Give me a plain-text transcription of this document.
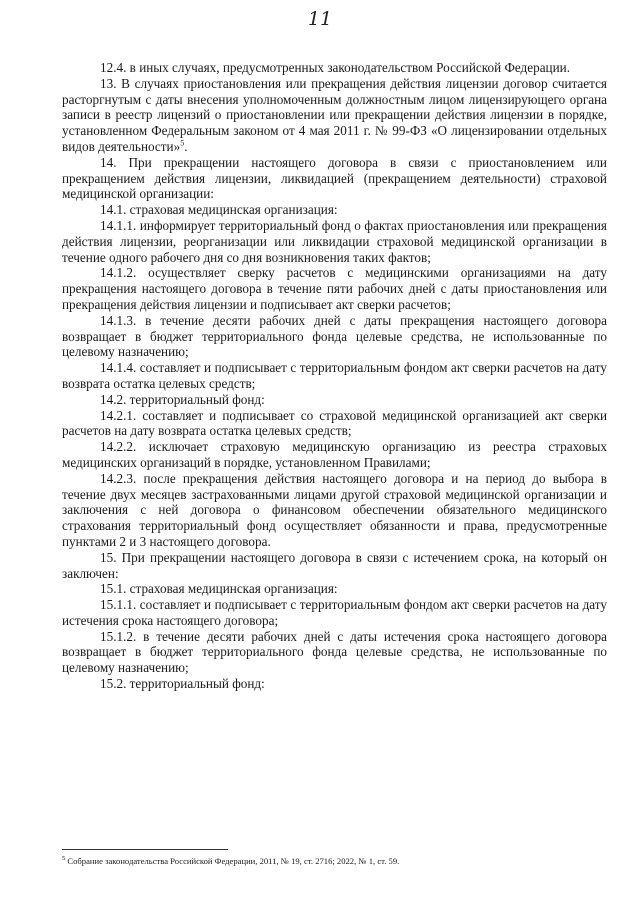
11

12.4. в иных случаях, предусмотренных законодательством Российской Федерации.

13. В случаях приостановления или прекращения действия лицензии договор считается расторгнутым с даты внесения уполномоченным должностным лицом лицензирующего органа записи в реестр лицензий о приостановлении или прекращении действия лицензии в порядке, установленном Федеральным законом от 4 мая 2011 г. № 99-ФЗ «О лицензировании отдельных видов деятельности»$^5$.

14. При прекращении настоящего договора в связи с приостановлением или прекращением действия лицензии, ликвидацией (прекращением деятельности) страховой медицинской организации:

14.1. страховая медицинская организация:

14.1.1. информирует территориальный фонд о фактах приостановления или прекращения действия лицензии, реорганизации или ликвидации страховой медицинской организации в течение одного рабочего дня со дня возникновения таких фактов;

14.1.2. осуществляет сверку расчетов с медицинскими организациями на дату прекращения настоящего договора в течение пяти рабочих дней с даты приостановления или прекращения действия лицензии и подписывает акт сверки расчетов;

14.1.3. в течение десяти рабочих дней с даты прекращения настоящего договора возвращает в бюджет территориального фонда целевые средства, не использованные по целевому назначению;

14.1.4. составляет и подписывает с территориальным фондом акт сверки расчетов на дату возврата остатка целевых средств;

14.2. территориальный фонд:

14.2.1. составляет и подписывает со страховой медицинской организацией акт сверки расчетов на дату возврата остатка целевых средств;

14.2.2. исключает страховую медицинскую организацию из реестра страховых медицинских организаций в порядке, установленном Правилами;

14.2.3. после прекращения действия настоящего договора и на период до выбора в течение двух месяцев застрахованными лицами другой страховой медицинской организации и заключения с ней договора о финансовом обеспечении обязательного медицинского страхования территориальный фонд осуществляет обязанности и права, предусмотренные пунктами 2 и 3 настоящего договора.

15. При прекращении настоящего договора в связи с истечением срока, на который он заключен:

15.1. страховая медицинская организация:

15.1.1. составляет и подписывает с территориальным фондом акт сверки расчетов на дату истечения срока настоящего договора;

15.1.2. в течение десяти рабочих дней с даты истечения срока настоящего договора возвращает в бюджет территориального фонда целевые средства, не использованные по целевому назначению;

15.2. территориальный фонд:

$^5$ Собрание законодательства Российской Федерации, 2011, № 19, ст. 2716; 2022, № 1, ст. 59.
